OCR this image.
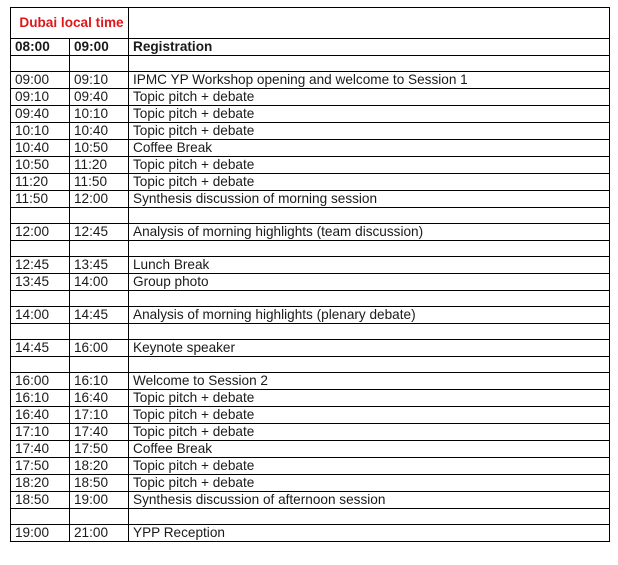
Dubai local time		
08:00	09:00	Registration

09:00	09:10	IPMC YP Workshop opening and welcome to Session 1
09:10	09:40	Topic pitch + debate
09:40	10:10	Topic pitch + debate
10:10	10:40	Topic pitch + debate
10:40	10:50	Coffee Break
10:50	11:20	Topic pitch + debate
11:20	11:50	Topic pitch + debate
11:50	12:00	Synthesis discussion of morning session

12:00	12:45	Analysis of morning highlights (team discussion)

12:45	13:45	Lunch Break
13:45	14:00	Group photo

14:00	14:45	Analysis of morning highlights (plenary debate)

14:45	16:00	Keynote speaker

16:00	16:10	Welcome to Session 2
16:10	16:40	Topic pitch + debate
16:40	17:10	Topic pitch + debate
17:10	17:40	Topic pitch + debate
17:40	17:50	Coffee Break
17:50	18:20	Topic pitch + debate
18:20	18:50	Topic pitch + debate
18:50	19:00	Synthesis discussion of afternoon session

19:00	21:00	YPP Reception
